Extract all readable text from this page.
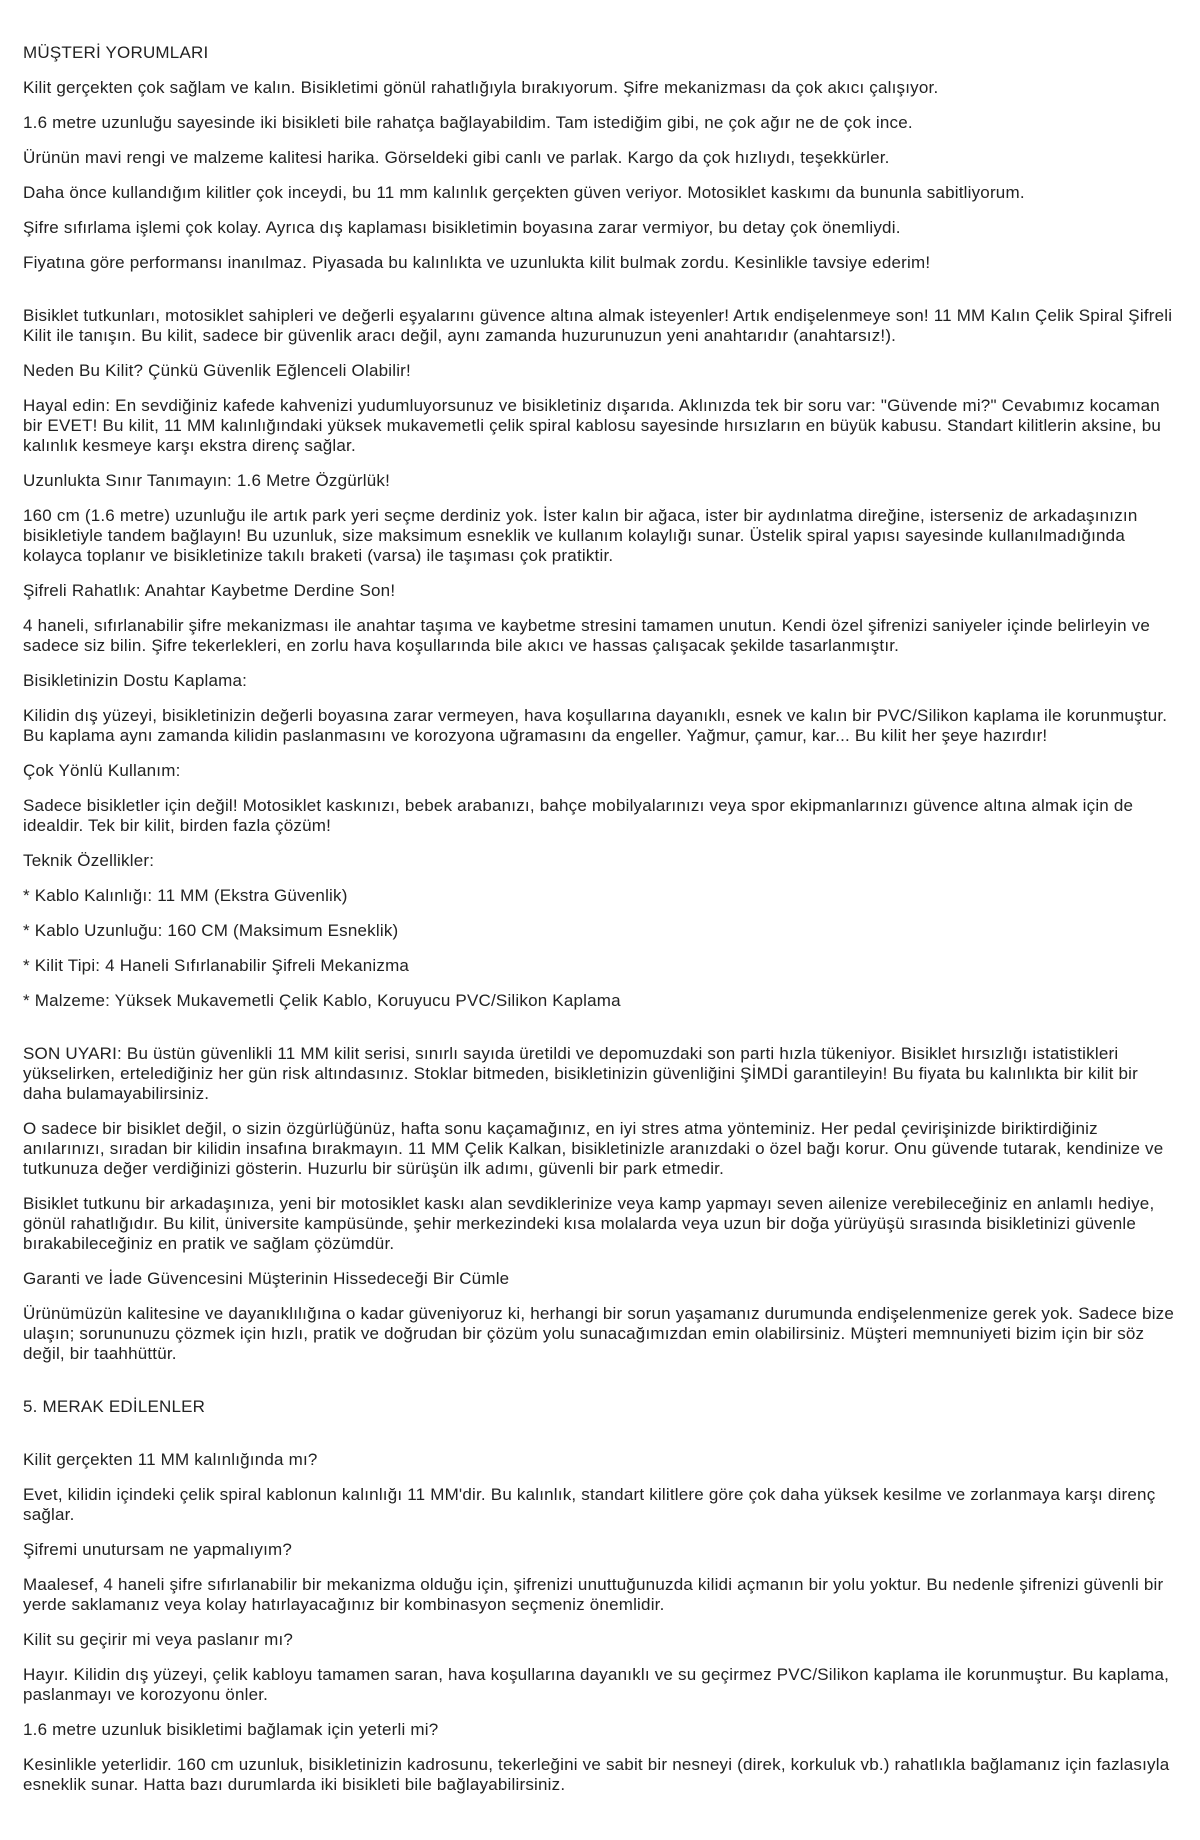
MÜŞTERİ YORUMLARI

Kilit gerçekten çok sağlam ve kalın. Bisikletimi gönül rahatlığıyla bırakıyorum. Şifre mekanizması da çok akıcı çalışıyor.

1.6 metre uzunluğu sayesinde iki bisikleti bile rahatça bağlayabildim. Tam istediğim gibi, ne çok ağır ne de çok ince.

Ürünün mavi rengi ve malzeme kalitesi harika. Görseldeki gibi canlı ve parlak. Kargo da çok hızlıydı, teşekkürler.

Daha önce kullandığım kilitler çok inceydi, bu 11 mm kalınlık gerçekten güven veriyor. Motosiklet kaskımı da bununla sabitliyorum.

Şifre sıfırlama işlemi çok kolay. Ayrıca dış kaplaması bisikletimin boyasına zarar vermiyor, bu detay çok önemliydi.

Fiyatına göre performansı inanılmaz. Piyasada bu kalınlıkta ve uzunlukta kilit bulmak zordu. Kesinlikle tavsiye ederim!

Bisiklet tutkunları, motosiklet sahipleri ve değerli eşyalarını güvence altına almak isteyenler! Artık endişelenmeye son! 11 MM Kalın Çelik Spiral Şifreli Kilit ile tanışın. Bu kilit, sadece bir güvenlik aracı değil, aynı zamanda huzurunuzun yeni anahtarıdır (anahtarsız!).

Neden Bu Kilit? Çünkü Güvenlik Eğlenceli Olabilir!

Hayal edin: En sevdiğiniz kafede kahvenizi yudumluyorsunuz ve bisikletiniz dışarıda. Aklınızda tek bir soru var: "Güvende mi?" Cevabımız kocaman bir EVET! Bu kilit, 11 MM kalınlığındaki yüksek mukavemetli çelik spiral kablosu sayesinde hırsızların en büyük kabusu. Standart kilitlerin aksine, bu kalınlık kesmeye karşı ekstra direnç sağlar.

Uzunlukta Sınır Tanımayın: 1.6 Metre Özgürlük!

160 cm (1.6 metre) uzunluğu ile artık park yeri seçme derdiniz yok. İster kalın bir ağaca, ister bir aydınlatma direğine, isterseniz de arkadaşınızın bisikletiyle tandem bağlayın! Bu uzunluk, size maksimum esneklik ve kullanım kolaylığı sunar. Üstelik spiral yapısı sayesinde kullanılmadığında kolayca toplanır ve bisikletinize takılı braketi (varsa) ile taşıması çok pratiktir.

Şifreli Rahatlık: Anahtar Kaybetme Derdine Son!

4 haneli, sıfırlanabilir şifre mekanizması ile anahtar taşıma ve kaybetme stresini tamamen unutun. Kendi özel şifrenizi saniyeler içinde belirleyin ve sadece siz bilin. Şifre tekerlekleri, en zorlu hava koşullarında bile akıcı ve hassas çalışacak şekilde tasarlanmıştır.

Bisikletinizin Dostu Kaplama:

Kilidin dış yüzeyi, bisikletinizin değerli boyasına zarar vermeyen, hava koşullarına dayanıklı, esnek ve kalın bir PVC/Silikon kaplama ile korunmuştur. Bu kaplama aynı zamanda kilidin paslanmasını ve korozyona uğramasını da engeller. Yağmur, çamur, kar... Bu kilit her şeye hazırdır!

Çok Yönlü Kullanım:

Sadece bisikletler için değil! Motosiklet kaskınızı, bebek arabanızı, bahçe mobilyalarınızı veya spor ekipmanlarınızı güvence altına almak için de idealdir. Tek bir kilit, birden fazla çözüm!

Teknik Özellikler:

* Kablo Kalınlığı: 11 MM (Ekstra Güvenlik)

* Kablo Uzunluğu: 160 CM (Maksimum Esneklik)

* Kilit Tipi: 4 Haneli Sıfırlanabilir Şifreli Mekanizma

* Malzeme: Yüksek Mukavemetli Çelik Kablo, Koruyucu PVC/Silikon Kaplama

SON UYARI: Bu üstün güvenlikli 11 MM kilit serisi, sınırlı sayıda üretildi ve depomuzdaki son parti hızla tükeniyor. Bisiklet hırsızlığı istatistikleri yükselirken, ertelediğiniz her gün risk altındasınız. Stoklar bitmeden, bisikletinizin güvenliğini ŞİMDİ garantileyin! Bu fiyata bu kalınlıkta bir kilit bir daha bulamayabilirsiniz.

O sadece bir bisiklet değil, o sizin özgürlüğünüz, hafta sonu kaçamağınız, en iyi stres atma yönteminiz. Her pedal çevirişinizde biriktirdiğiniz anılarınızı, sıradan bir kilidin insafına bırakmayın. 11 MM Çelik Kalkan, bisikletinizle aranızdaki o özel bağı korur. Onu güvende tutarak, kendinize ve tutkunuza değer verdiğinizi gösterin. Huzurlu bir sürüşün ilk adımı, güvenli bir park etmedir.

Bisiklet tutkunu bir arkadaşınıza, yeni bir motosiklet kaskı alan sevdiklerinize veya kamp yapmayı seven ailenize verebileceğiniz en anlamlı hediye, gönül rahatlığıdır. Bu kilit, üniversite kampüsünde, şehir merkezindeki kısa molalarda veya uzun bir doğa yürüyüşü sırasında bisikletinizi güvenle bırakabileceğiniz en pratik ve sağlam çözümdür.

Garanti ve İade Güvencesini Müşterinin Hissedeceği Bir Cümle

Ürünümüzün kalitesine ve dayanıklılığına o kadar güveniyoruz ki, herhangi bir sorun yaşamanız durumunda endişelenmenize gerek yok. Sadece bize ulaşın; sorununuzu çözmek için hızlı, pratik ve doğrudan bir çözüm yolu sunacağımızdan emin olabilirsiniz. Müşteri memnuniyeti bizim için bir söz değil, bir taahhüttür.

5. MERAK EDİLENLER

Kilit gerçekten 11 MM kalınlığında mı?

Evet, kilidin içindeki çelik spiral kablonun kalınlığı 11 MM'dir. Bu kalınlık, standart kilitlere göre çok daha yüksek kesilme ve zorlanmaya karşı direnç sağlar.

Şifremi unutursam ne yapmalıyım?

Maalesef, 4 haneli şifre sıfırlanabilir bir mekanizma olduğu için, şifrenizi unuttuğunuzda kilidi açmanın bir yolu yoktur. Bu nedenle şifrenizi güvenli bir yerde saklamanız veya kolay hatırlayacağınız bir kombinasyon seçmeniz önemlidir.

Kilit su geçirir mi veya paslanır mı?

Hayır. Kilidin dış yüzeyi, çelik kabloyu tamamen saran, hava koşullarına dayanıklı ve su geçirmez PVC/Silikon kaplama ile korunmuştur. Bu kaplama, paslanmayı ve korozyonu önler.

1.6 metre uzunluk bisikletimi bağlamak için yeterli mi?

Kesinlikle yeterlidir. 160 cm uzunluk, bisikletinizin kadrosunu, tekerleğini ve sabit bir nesneyi (direk, korkuluk vb.) rahatlıkla bağlamanız için fazlasıyla esneklik sunar. Hatta bazı durumlarda iki bisikleti bile bağlayabilirsiniz.
